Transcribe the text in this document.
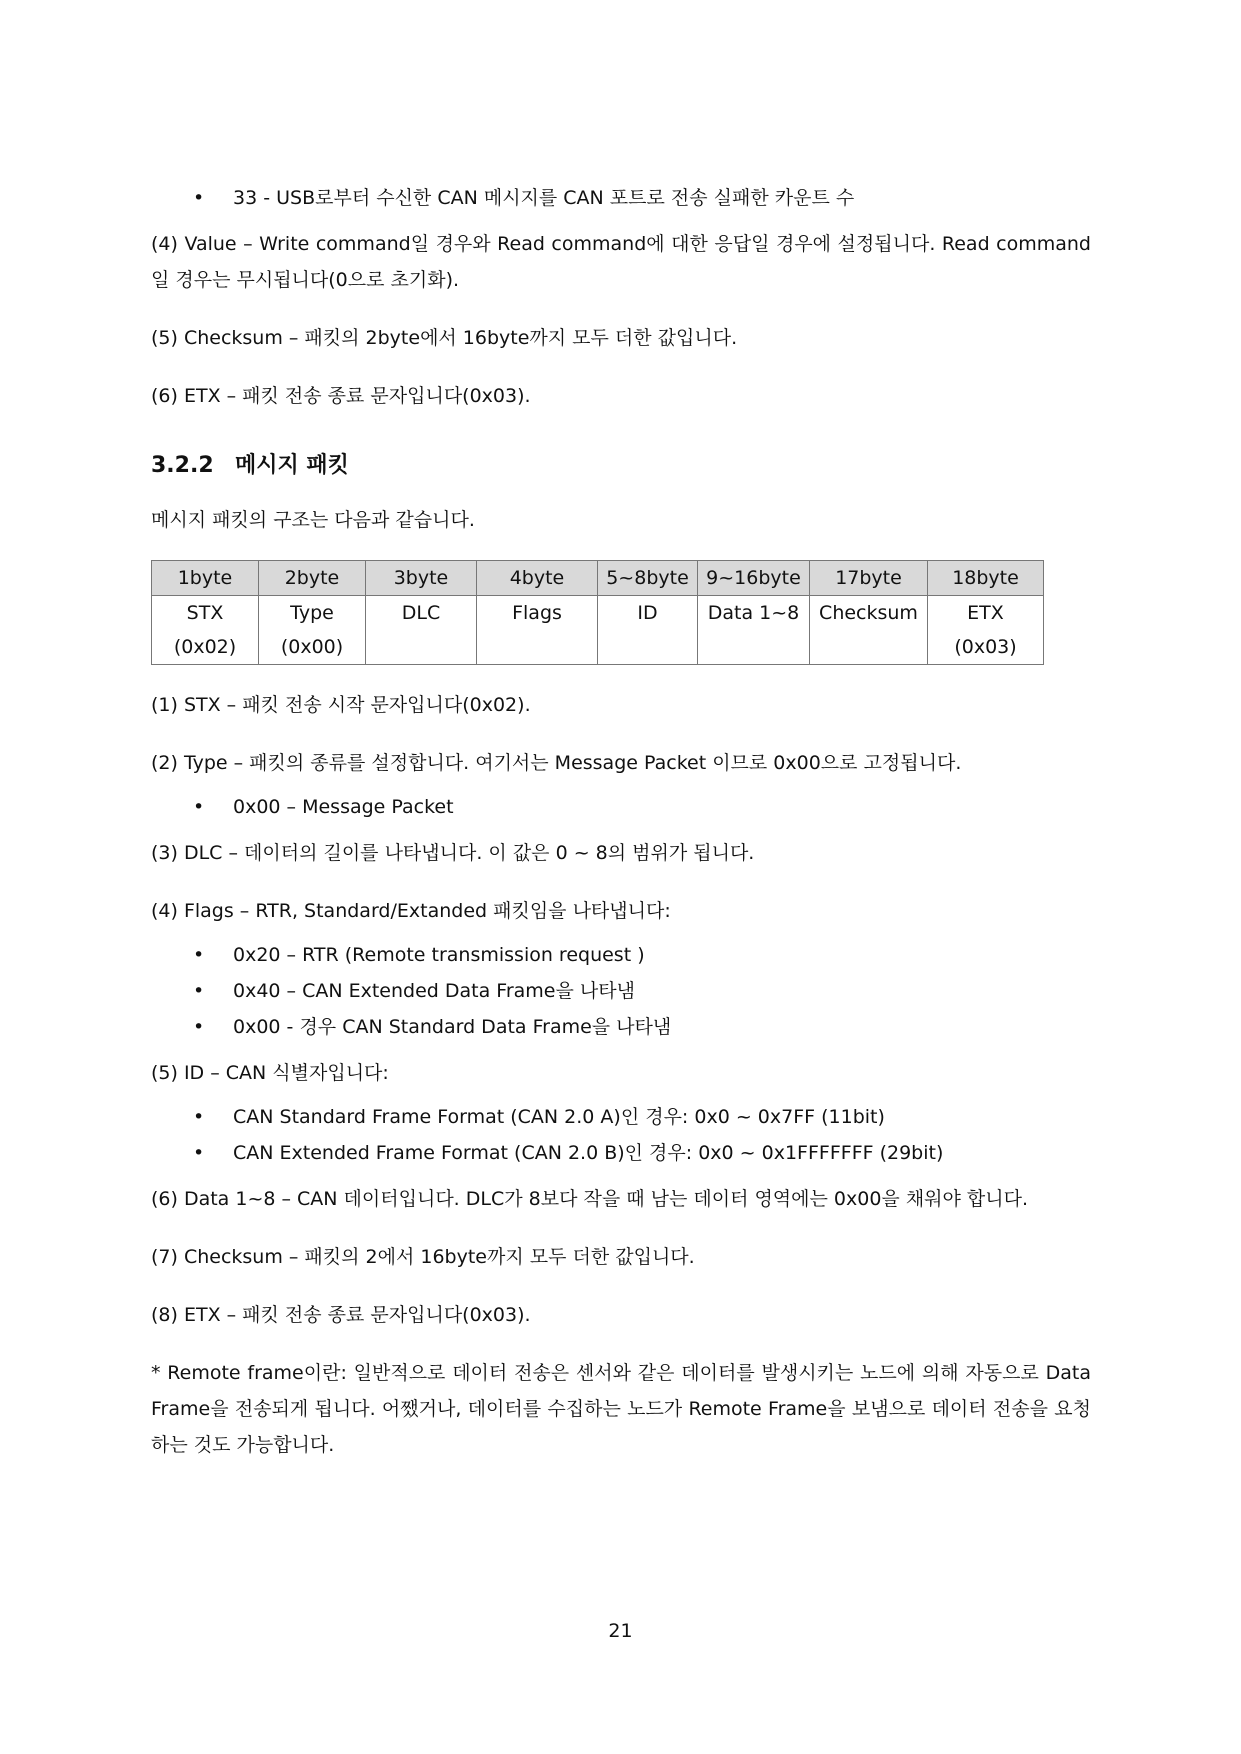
• 33 - USB로부터 수신한 CAN 메시지를 CAN 포트로 전송 실패한 카운트 수

(4) Value – Write command일 경우와 Read command에 대한 응답일 경우에 설정됩니다. Read command일 경우는 무시됩니다(0으로 초기화).

(5) Checksum – 패킷의 2byte에서 16byte까지 모두 더한 값입니다.

(6) ETX – 패킷 전송 종료 문자입니다(0x03).

3.2.2 메시지 패킷

메시지 패킷의 구조는 다음과 같습니다.

1byte	2byte	3byte	4byte	5~8byte	9~16byte	17byte	18byte
STX	Type	DLC	Flags	ID	Data 1~8	Checksum	ETX
(0x02)	(0x00)						(0x03)

(1) STX – 패킷 전송 시작 문자입니다(0x02).

(2) Type – 패킷의 종류를 설정합니다. 여기서는 Message Packet 이므로 0x00으로 고정됩니다.

• 0x00 – Message Packet

(3) DLC – 데이터의 길이를 나타냅니다. 이 값은 0 ~ 8의 범위가 됩니다.

(4) Flags – RTR, Standard/Extanded 패킷임을 나타냅니다:

• 0x20 – RTR (Remote transmission request )
• 0x40 – CAN Extended Data Frame을 나타냄
• 0x00 - 경우 CAN Standard Data Frame을 나타냄

(5) ID – CAN 식별자입니다:

• CAN Standard Frame Format (CAN 2.0 A)인 경우: 0x0 ~ 0x7FF (11bit)
• CAN Extended Frame Format (CAN 2.0 B)인 경우: 0x0 ~ 0x1FFFFFFF (29bit)

(6) Data 1~8 – CAN 데이터입니다. DLC가 8보다 작을 때 남는 데이터 영역에는 0x00을 채워야 합니다.

(7) Checksum – 패킷의 2에서 16byte까지 모두 더한 값입니다.

(8) ETX – 패킷 전송 종료 문자입니다(0x03).

* Remote frame이란: 일반적으로 데이터 전송은 센서와 같은 데이터를 발생시키는 노드에 의해 자동으로 Data Frame을 전송되게 됩니다. 어쨌거나, 데이터를 수집하는 노드가 Remote Frame을 보냄으로 데이터 전송을 요청하는 것도 가능합니다.

21
